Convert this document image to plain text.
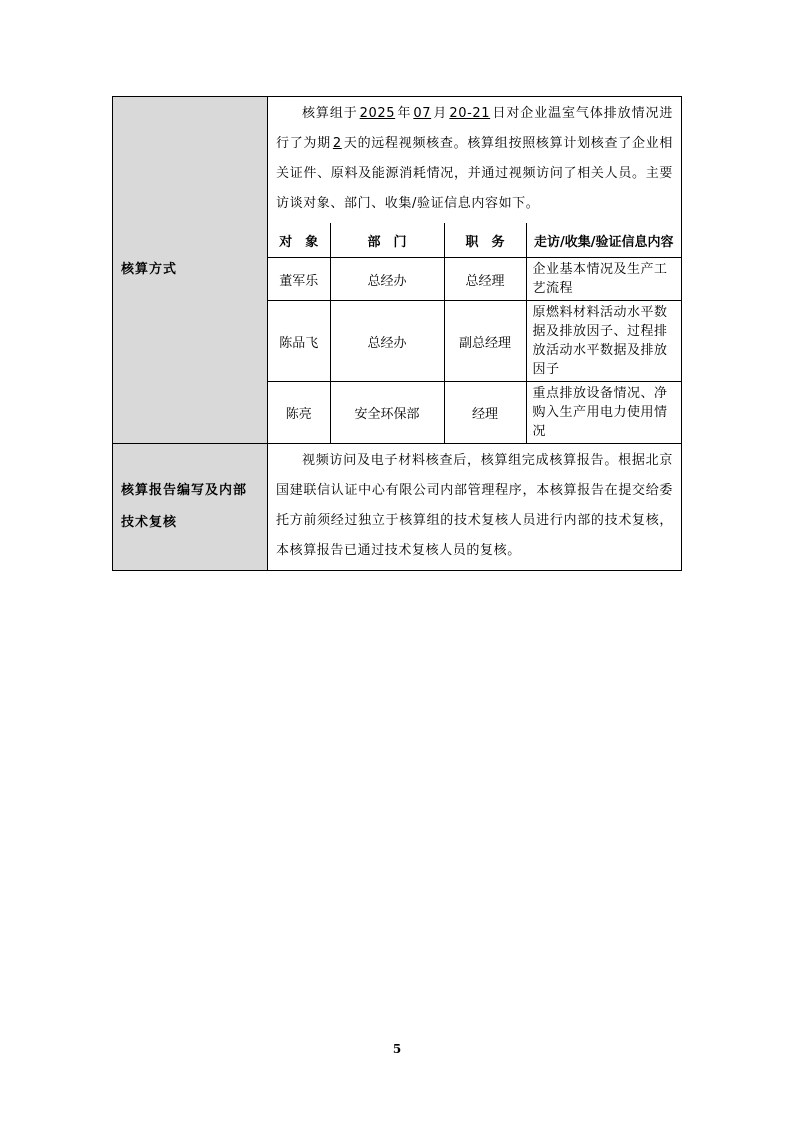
核算方式	
核算组于 2025 年 07 月 20-21 日对企业温室气体排放情况进行了为期 2 天的远程视频核查。核算组按照核算计划核查了企业相关证件、原料及能源消耗情况，并通过视频访问了相关人员。主要访谈对象、部门、收集/验证信息内容如下。
对　象	部　门	职　务	走访/收集/验证信息内容
董军乐	总经办	总经理	企业基本情况及生产工艺流程
陈品飞	总经办	副总经理	原燃料材料活动水平数据及排放因子、过程排放活动水平数据及排放因子
陈亮	安全环保部	经理	重点排放设备情况、净购入生产用电力使用情况

核算报告编写及内部技术复核	
视频访问及电子材料核查后，核算组完成核算报告。根据北京国建联信认证中心有限公司内部管理程序，本核算报告在提交给委托方前须经过独立于核算组的技术复核人员进行内部的技术复核，本核算报告已通过技术复核人员的复核。
5
